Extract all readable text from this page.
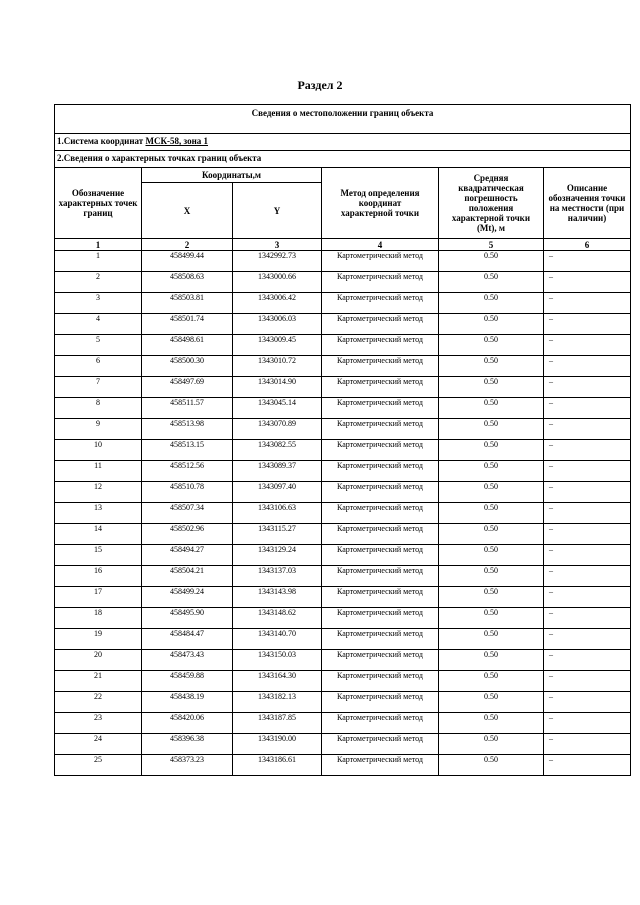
Раздел 2
Сведения о местоположении границ объекта					
1.Система координат МСК-58, зона 1					
2.Сведения о характерных точках границ объекта					
Обозначение характерных точек границ	Координаты,м		Метод определения координат характерной точки	Средняя квадратическая погрешность положения характерной точки (Mt), м	Описание обозначения точки на местности (при наличии)
	X	Y			
1	2	3	4	5	6
1	458499.44	1342992.73	Картометрический метод	0.50	–
2	458508.63	1343000.66	Картометрический метод	0.50	–
3	458503.81	1343006.42	Картометрический метод	0.50	–
4	458501.74	1343006.03	Картометрический метод	0.50	–
5	458498.61	1343009.45	Картометрический метод	0.50	–
6	458500.30	1343010.72	Картометрический метод	0.50	–
7	458497.69	1343014.90	Картометрический метод	0.50	–
8	458511.57	1343045.14	Картометрический метод	0.50	–
9	458513.98	1343070.89	Картометрический метод	0.50	–
10	458513.15	1343082.55	Картометрический метод	0.50	–
11	458512.56	1343089.37	Картометрический метод	0.50	–
12	458510.78	1343097.40	Картометрический метод	0.50	–
13	458507.34	1343106.63	Картометрический метод	0.50	–
14	458502.96	1343115.27	Картометрический метод	0.50	–
15	458494.27	1343129.24	Картометрический метод	0.50	–
16	458504.21	1343137.03	Картометрический метод	0.50	–
17	458499.24	1343143.98	Картометрический метод	0.50	–
18	458495.90	1343148.62	Картометрический метод	0.50	–
19	458484.47	1343140.70	Картометрический метод	0.50	–
20	458473.43	1343150.03	Картометрический метод	0.50	–
21	458459.88	1343164.30	Картометрический метод	0.50	–
22	458438.19	1343182.13	Картометрический метод	0.50	–
23	458420.06	1343187.85	Картометрический метод	0.50	–
24	458396.38	1343190.00	Картометрический метод	0.50	–
25	458373.23	1343186.61	Картометрический метод	0.50	–
